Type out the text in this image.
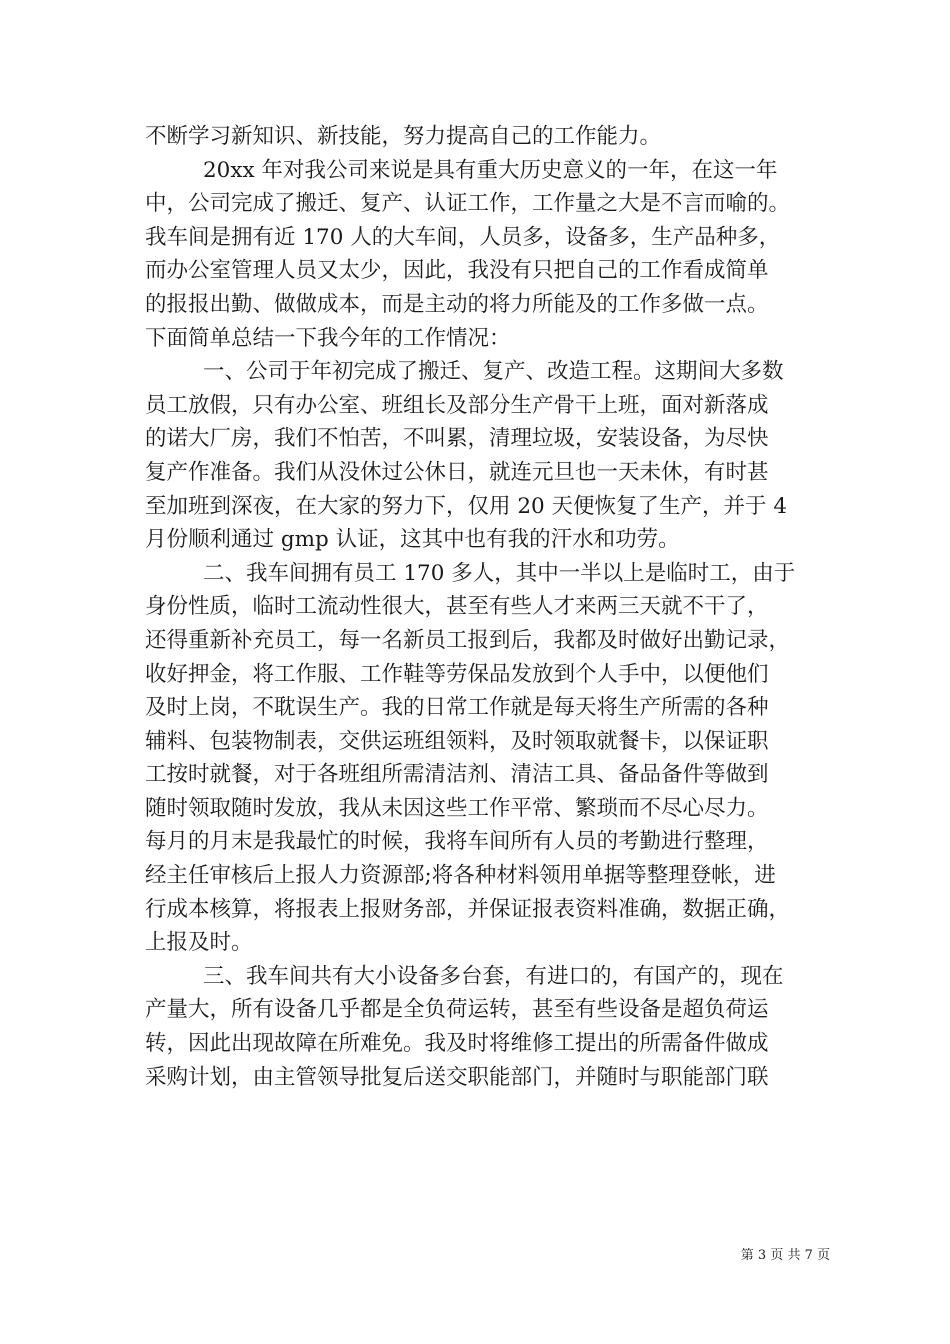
不断学习新知识、新技能，努力提高自己的工作能力。
20xx 年对我公司来说是具有重大历史意义的一年，在这一年
中，公司完成了搬迁、复产、认证工作，工作量之大是不言而喻的。
我车间是拥有近 170 人的大车间，人员多，设备多，生产品种多，
而办公室管理人员又太少，因此，我没有只把自己的工作看成简单
的报报出勤、做做成本，而是主动的将力所能及的工作多做一点。
下面简单总结一下我今年的工作情况：
一、公司于年初完成了搬迁、复产、改造工程。这期间大多数
员工放假，只有办公室、班组长及部分生产骨干上班，面对新落成
的诺大厂房，我们不怕苦，不叫累，清理垃圾，安装设备，为尽快
复产作准备。我们从没休过公休日，就连元旦也一天未休，有时甚
至加班到深夜，在大家的努力下，仅用 20 天便恢复了生产，并于 4
月份顺利通过 gmp 认证，这其中也有我的汗水和功劳。
二、我车间拥有员工 170 多人，其中一半以上是临时工，由于
身份性质，临时工流动性很大，甚至有些人才来两三天就不干了，
还得重新补充员工，每一名新员工报到后，我都及时做好出勤记录，
收好押金，将工作服、工作鞋等劳保品发放到个人手中，以便他们
及时上岗，不耽误生产。我的日常工作就是每天将生产所需的各种
辅料、包装物制表，交供运班组领料，及时领取就餐卡，以保证职
工按时就餐，对于各班组所需清洁剂、清洁工具、备品备件等做到
随时领取随时发放，我从未因这些工作平常、繁琐而不尽心尽力。
每月的月末是我最忙的时候，我将车间所有人员的考勤进行整理，
经主任审核后上报人力资源部;将各种材料领用单据等整理登帐，进
行成本核算，将报表上报财务部，并保证报表资料准确，数据正确，
上报及时。
三、我车间共有大小设备多台套，有进口的，有国产的，现在
产量大，所有设备几乎都是全负荷运转，甚至有些设备是超负荷运
转，因此出现故障在所难免。我及时将维修工提出的所需备件做成
采购计划，由主管领导批复后送交职能部门，并随时与职能部门联
第 3 页 共 7 页
